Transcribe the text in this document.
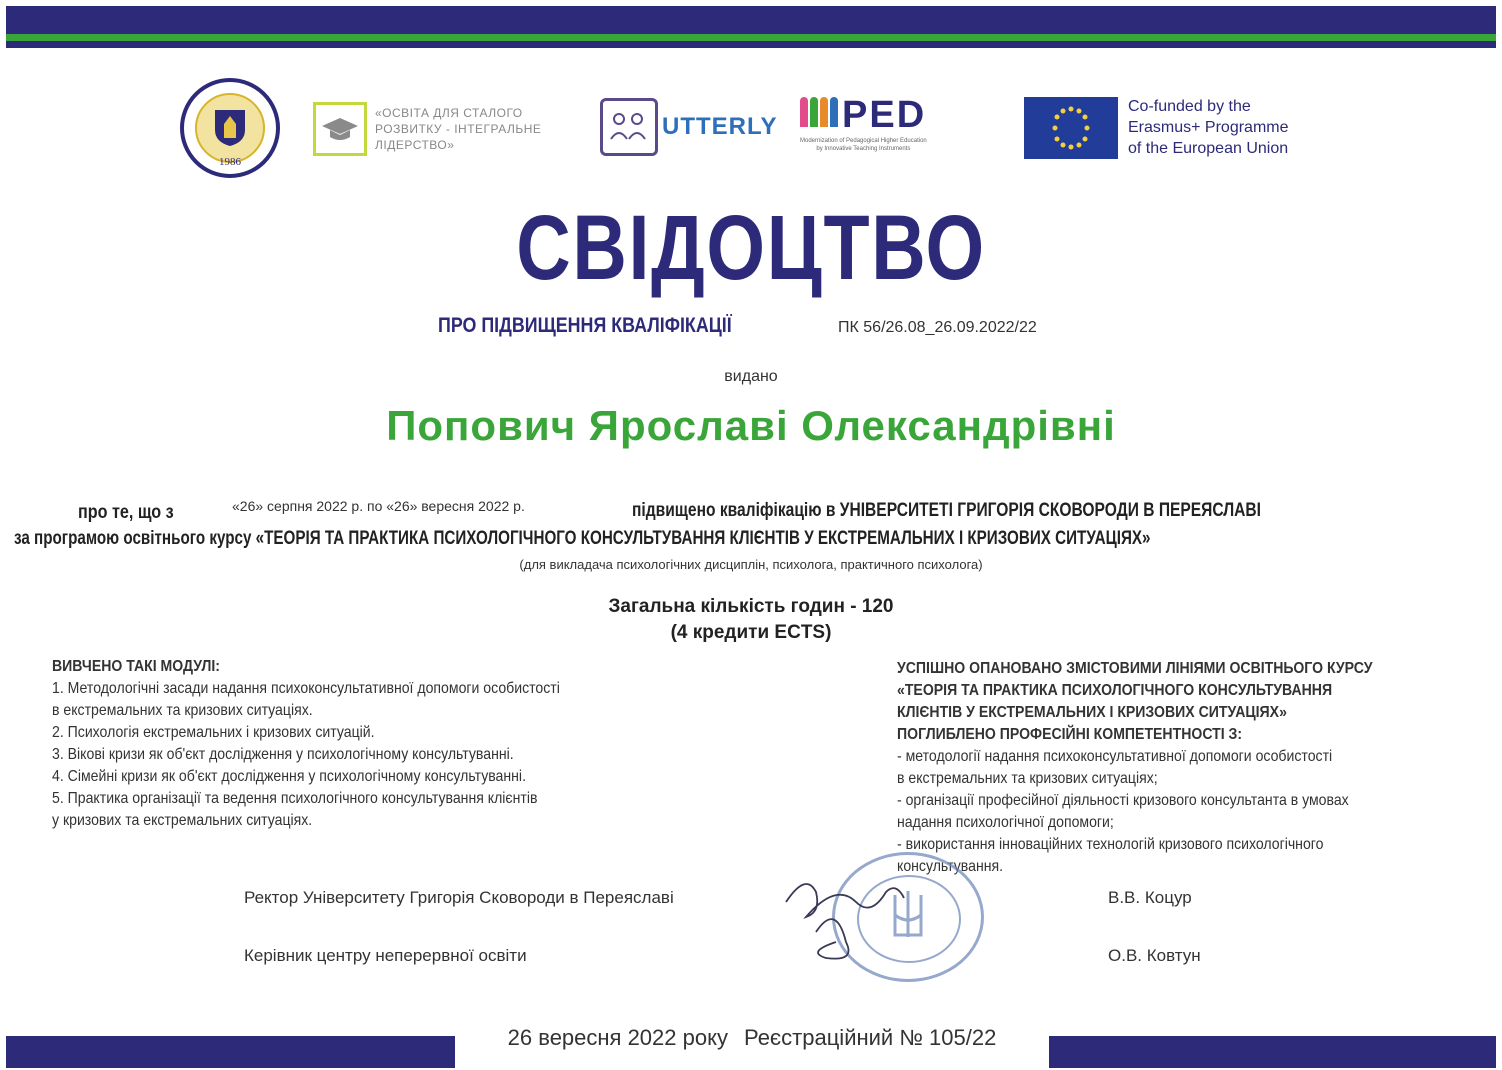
1986
«ОСВІТА ДЛЯ СТАЛОГО
РОЗВИТКУ - ІНТЕГРАЛЬНЕ
ЛІДЕРСТВО»
UTTERLY PED
Modernization of Pedagogical Higher Education
by Innovative Teaching Instruments
Co-funded by the
Erasmus+ Programme
of the European Union
СВІДОЦТВО
ПРО ПІДВИЩЕННЯ КВАЛІФІКАЦІЇ	ПК 56/26.08_26.09.2022/22
видано
Попович Ярославі Олександрівні
про те, що з	«26» серпня 2022 р. по «26» вересня 2022 р.	підвищено кваліфікацію в УНІВЕРСИТЕТІ ГРИГОРІЯ СКОВОРОДИ В ПЕРЕЯСЛАВІ
за програмою освітнього курсу «ТЕОРІЯ ТА ПРАКТИКА ПСИХОЛОГІЧНОГО КОНСУЛЬТУВАННЯ КЛІЄНТІВ У ЕКСТРЕМАЛЬНИХ І КРИЗОВИХ СИТУАЦІЯХ»
(для викладача психологічних дисциплін, психолога, практичного психолога)
Загальна кількість годин - 120
(4 кредити ECTS)
ВИВЧЕНО ТАКІ МОДУЛІ:
1. Методологічні засади надання психоконсультативної допомоги особистості
в екстремальних та кризових ситуаціях.
2. Психологія екстремальних і кризових ситуацій.
3. Вікові кризи як об'єкт дослідження у психологічному консультуванні.
4. Сімейні кризи як об'єкт дослідження у психологічному консультуванні.
5. Практика організації та ведення психологічного консультування клієнтів
у кризових та екстремальних ситуаціях.
УСПІШНО ОПАНОВАНО ЗМІСТОВИМИ ЛІНІЯМИ ОСВІТНЬОГО КУРСУ
«ТЕОРІЯ ТА ПРАКТИКА ПСИХОЛОГІЧНОГО КОНСУЛЬТУВАННЯ
КЛІЄНТІВ У ЕКСТРЕМАЛЬНИХ І КРИЗОВИХ СИТУАЦІЯХ»
ПОГЛИБЛЕНО ПРОФЕСІЙНІ КОМПЕТЕНТНОСТІ З:
- методології надання психоконсультативної допомоги особистості
в екстремальних та кризових ситуаціях;
- організації професійної діяльності кризового консультанта в умовах
надання психологічної допомоги;
- використання інноваційних технологій кризового психологічного
консультування.
Ректор Університету Григорія Сковороди в Переяславі	В.В. Коцур
Керівник центру неперервної освіти	О.В. Ковтун
26 вересня 2022 року Реєстраційний № 105/22
